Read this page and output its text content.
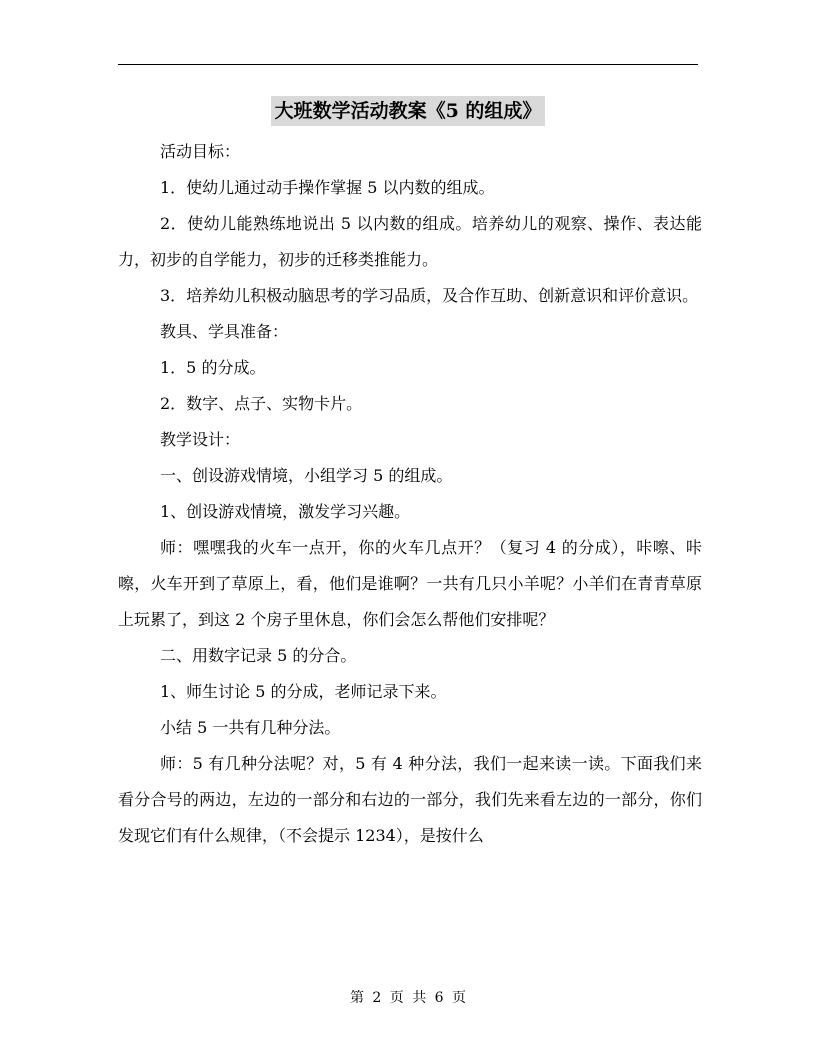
大班数学活动教案《5 的组成》

活动目标：

1．使幼儿通过动手操作掌握 5 以内数的组成。

2．使幼儿能熟练地说出 5 以内数的组成。培养幼儿的观察、操作、表达能力，初步的自学能力，初步的迁移类推能力。

3．培养幼儿积极动脑思考的学习品质，及合作互助、创新意识和评价意识。

教具、学具准备：

1．5 的分成。

2．数字、点子、实物卡片。

教学设计：

一、创设游戏情境，小组学习 5 的组成。

1、创设游戏情境，激发学习兴趣。

师：嘿嘿我的火车一点开，你的火车几点开？（复习 4 的分成），咔嚓、咔嚓，火车开到了草原上，看，他们是谁啊？一共有几只小羊呢？小羊们在青青草原上玩累了，到这 2 个房子里休息，你们会怎么帮他们安排呢？

二、用数字记录 5 的分合。

1、师生讨论 5 的分成，老师记录下来。

小结 5 一共有几种分法。

师：5 有几种分法呢？对，5 有 4 种分法，我们一起来读一读。下面我们来看分合号的两边，左边的一部分和右边的一部分，我们先来看左边的一部分，你们发现它们有什么规律，（不会提示 1234），是按什么

第 2 页 共 6 页
